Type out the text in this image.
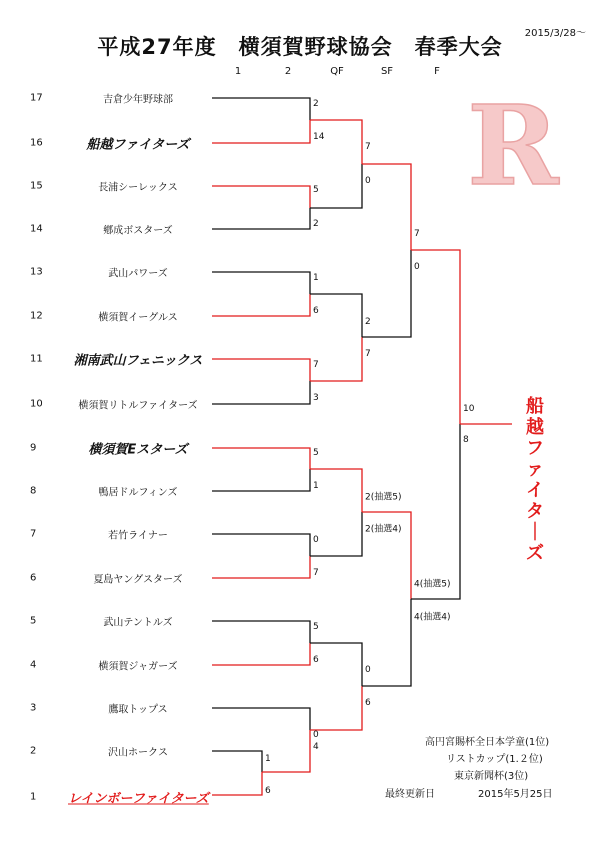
2015/3/28～
平成27年度　横須賀野球協会　春季大会
1	2	QF	SF	F
17	吉倉少年野球部
16	船越ファイターズ
15	長浦シーレックス
14	鄕成ボスターズ
13	武山パワーズ
12	横須賀イーグルス
11	湘南武山フェニックス
10	横須賀リトルファイターズ
9	横須賀Eスターズ
8	鴨居ドルフィンズ
7	若竹ライナー
6	夏島ヤングスターズ
5	武山テントルズ
4	横須賀ジャガーズ
3	鷹取トップス
2	沢山ホークス
1 レインボーファイターズ
2
14
5
2
1
6
7
3
5
1
0
7
5
6
0
4
1
6
7
0
2
7
2(抽選5)
2(抽選4)
0
6
7
0
4(抽選5)
4(抽選4)
10
8
船
越
フ
ァ
イ
タ
｜
ズ
R
高円宮賜杯全日本学童(1位)
リストカップ(1.２位)
東京新聞杯(3位)
最終更新日	2015年5月25日
